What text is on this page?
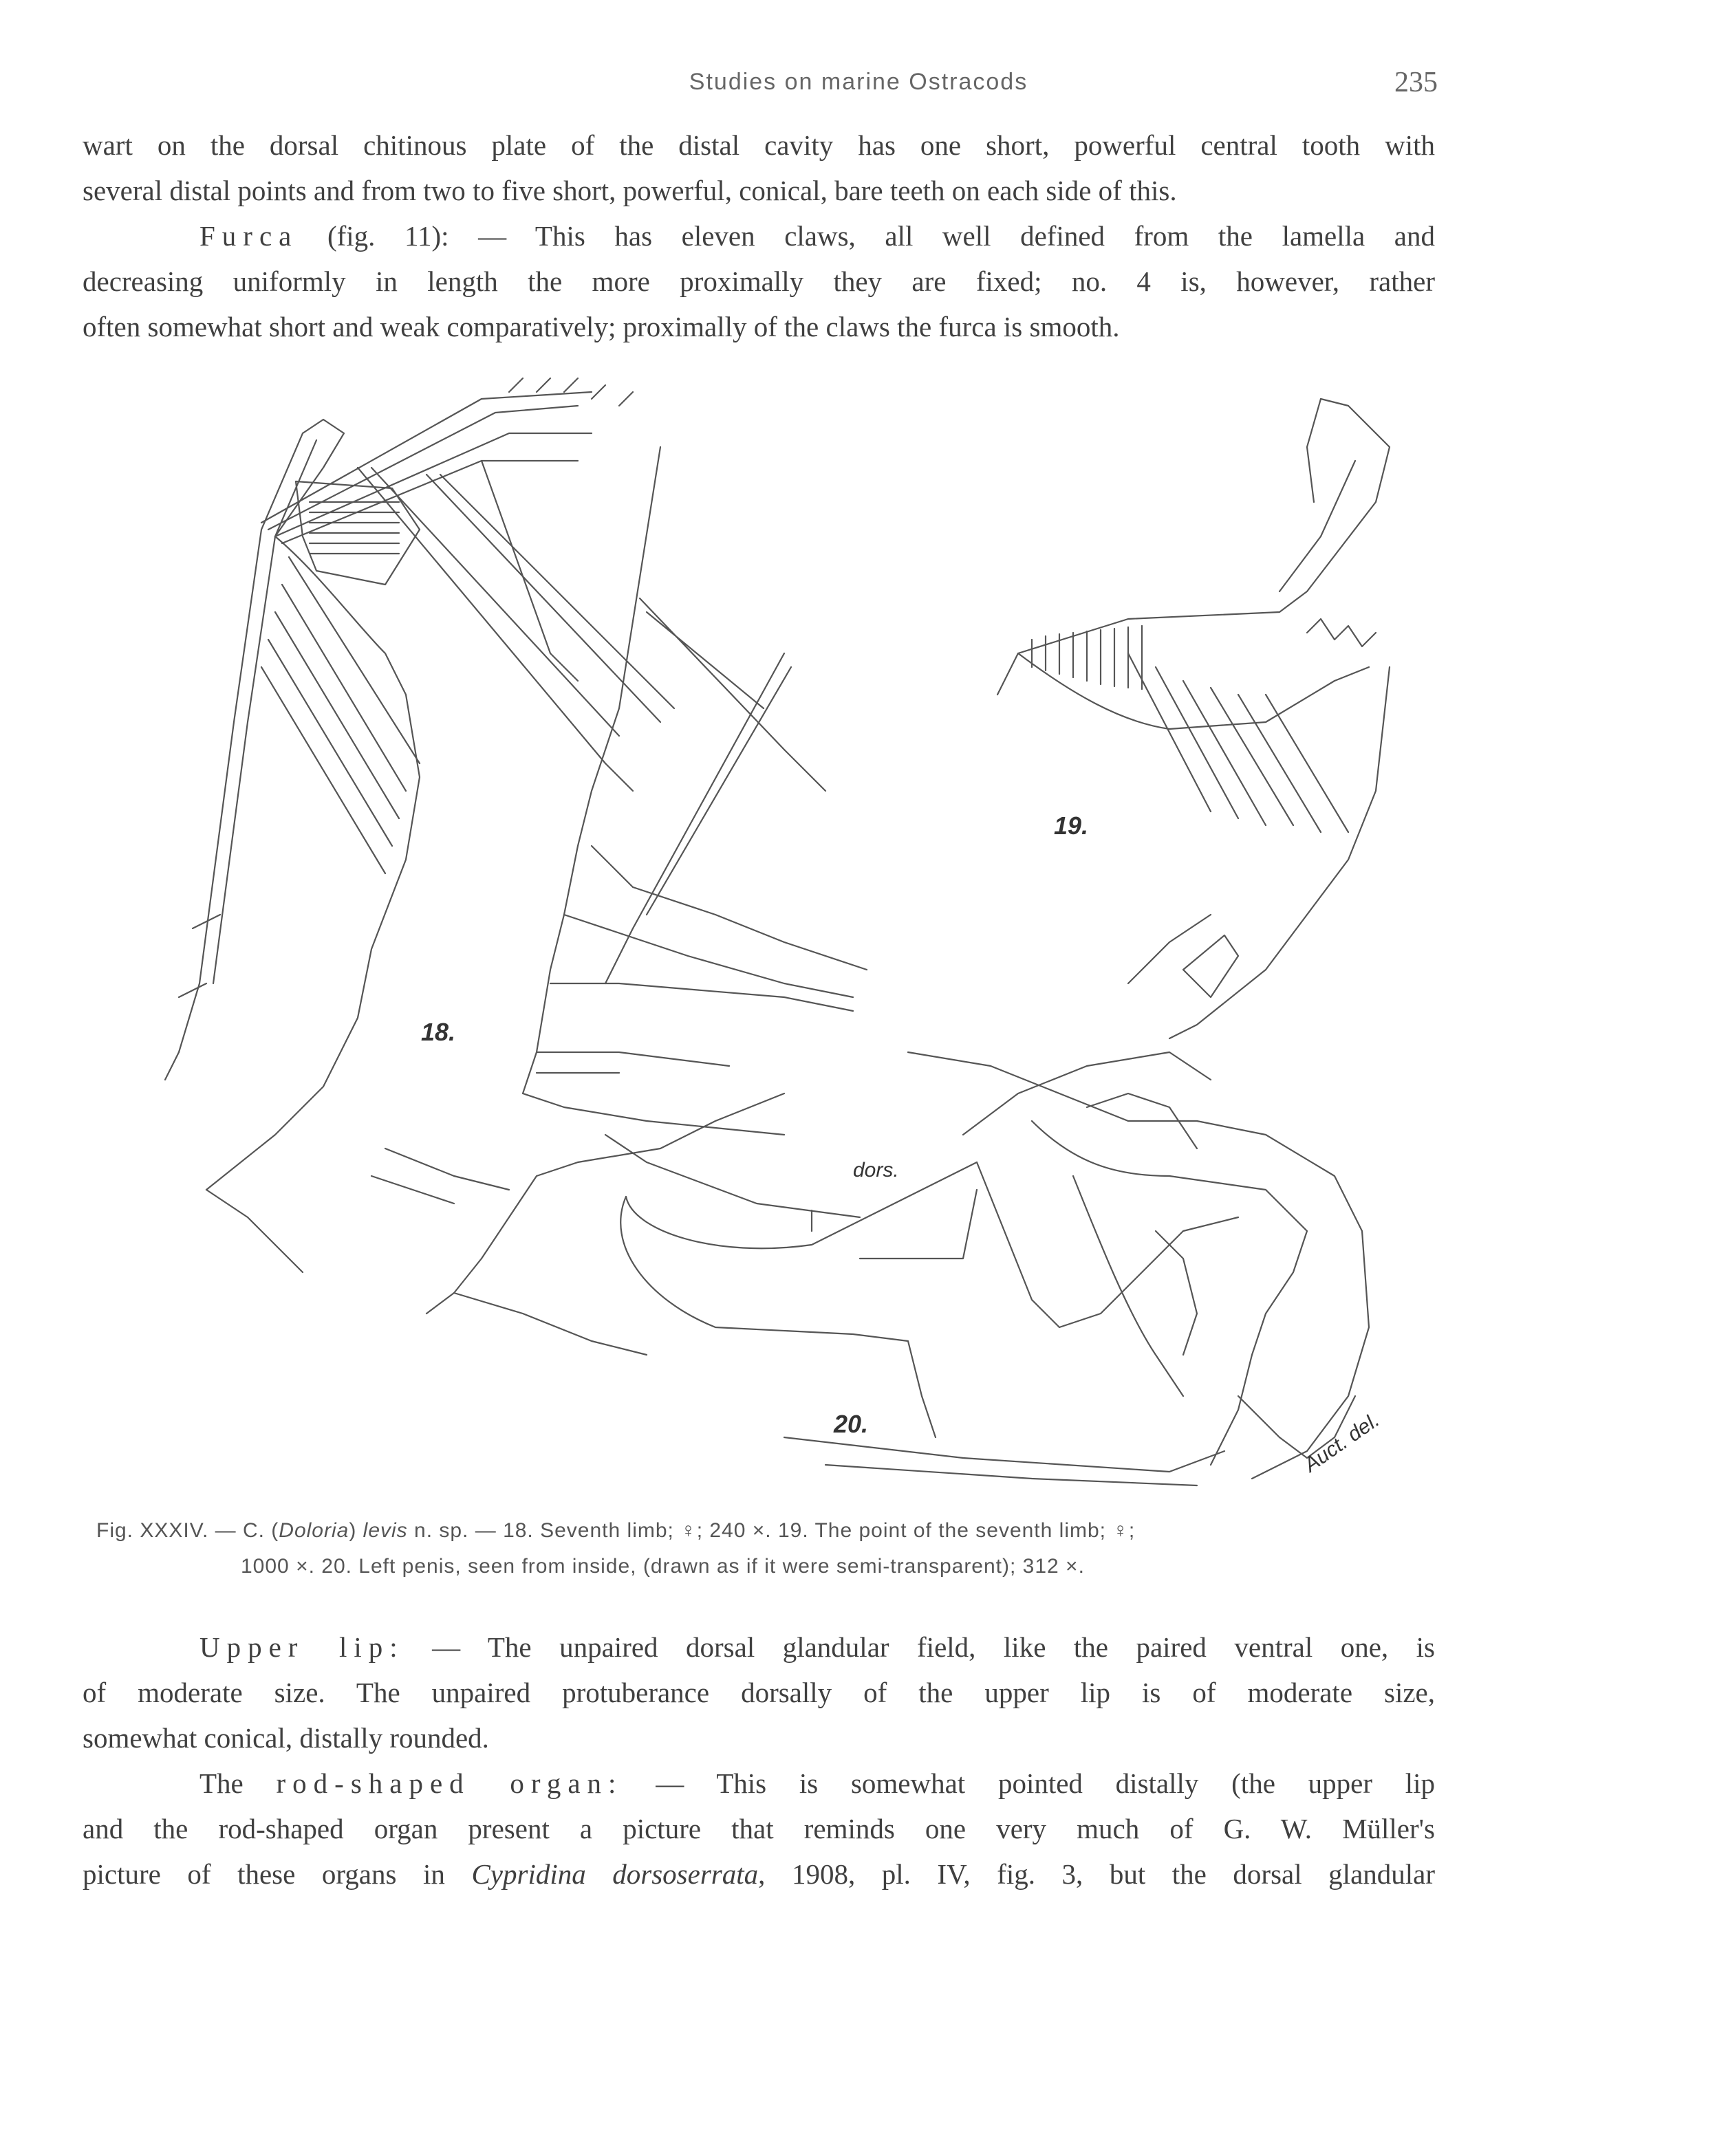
Studies on marine Ostracods	235
wart on the dorsal chitinous plate of the distal cavity has one short, powerful central tooth with
several distal points and from two to five short, powerful, conical, bare teeth on each side of this.
Furca (fig. 11): — This has eleven claws, all well defined from the lamella and
decreasing uniformly in length the more proximally they are fixed; no. 4 is, however, rather
often somewhat short and weak comparatively; proximally of the claws the furca is smooth.
18.
19.
20.
dors.
Auct. del.
Fig. XXXIV. — C. (Doloria) levis n. sp. — 18. Seventh limb; ♀; 240 ×. 19. The point of the seventh limb; ♀;
1000 ×. 20. Left penis, seen from inside, (drawn as if it were semi-transparent); 312 ×.
Upper lip: — The unpaired dorsal glandular field, like the paired ventral one, is
of moderate size. The unpaired protuberance dorsally of the upper lip is of moderate size,
somewhat conical, distally rounded.
The rod-shaped organ: — This is somewhat pointed distally (the upper lip
and the rod-shaped organ present a picture that reminds one very much of G. W. Müller's
picture of these organs in Cypridina dorsoserrata, 1908, pl. IV, fig. 3, but the dorsal glandular
